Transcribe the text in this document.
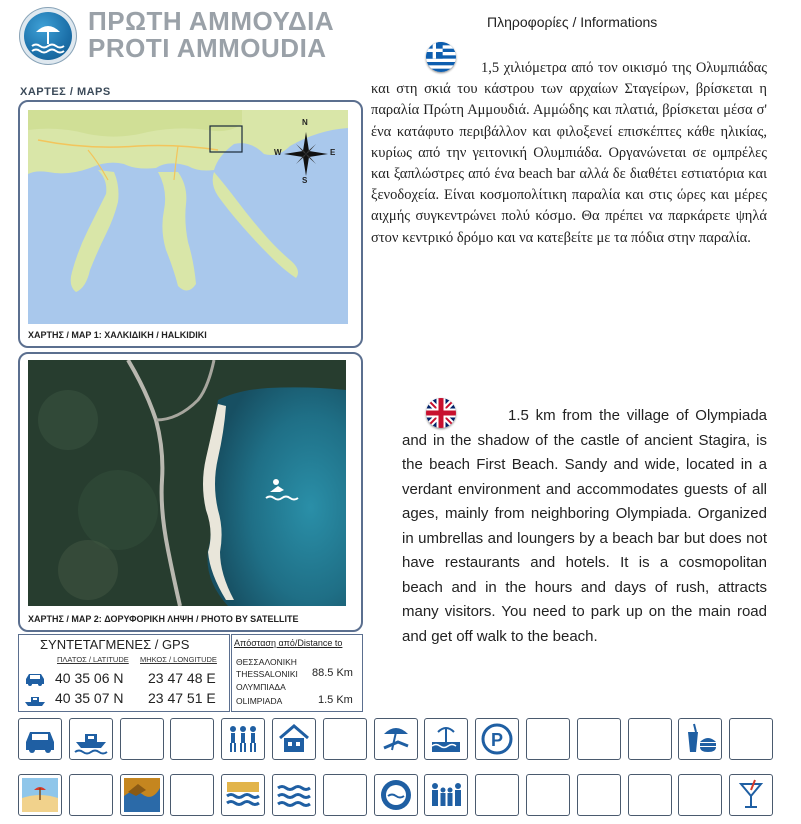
ΠΡΩΤΗ ΑΜΜΟΥΔΙΑ
PROTI AMMOUDIA
ΧΑΡΤΕΣ / MAPS
N
S
W	E
ΧΑΡΤΗΣ / MAP 1: ΧΑΛΚΙΔΙΚΗ / HALKIDIKI
ΧΑΡΤΗΣ / MAP 2: ΔΟΡΥΦΟΡΙΚΗ ΛΗΨΗ / PHOTO BY SATELLITE
ΣΥΝΤΕΤΑΓΜΕΝΕΣ / GPS
ΠΛΑΤΟΣ / LATITUDE ΜΗΚΟΣ / LONGITUDE
40 35 06 N 23 47 48 E
40 35 07 N 23 47 51 E
Απόσταση από/Distance to
ΘΕΣΣΑΛΟΝΙΚΗ
THESSALONIKI 88.5 Km
ΟΛΥΜΠΙΑΔΑ
OLIMPIADA	1.5 Km
Πληροφορίες / Informations
1,5 χιλιόμετρα από τον οικισμό της Ολυμπιάδας και στη σκιά του κάστρου των αρχαίων Σταγείρων, βρίσκεται η παραλία Πρώτη Αμμουδιά. Αμμώδης και πλατιά, βρίσκεται μέσα σ' ένα κατάφυτο περιβάλλον και φιλοξενεί επισκέπτες κάθε ηλικίας, κυρίως από την γειτονική Ολυμπιάδα. Οργανώνεται σε ομπρέλες και ξαπλώστρες από ένα beach bar αλλά δε διαθέτει εστιατόρια και ξενοδοχεία. Είναι κοσμοπολίτικη παραλία και στις ώρες και μέρες αιχμής συγκεντρώνει πολύ κόσμο. Θα πρέπει να παρκάρετε ψηλά στον κεντρικό δρόμο και να κατεβείτε με τα πόδια στην παραλία.
1.5 km from the village of Olympiada and in the shadow of the castle of ancient Stagira, is the beach First Beach. Sandy and wide, located in a verdant environment and accommodates guests of all ages, mainly from neighboring Olympiada. Organized in umbrellas and loungers by a beach bar but does not have restaurants and hotels. It is a cosmopolitan beach and in the hours and days of rush, attracts many visitors. You need to park up on the main road and get off walk to the beach.
P
